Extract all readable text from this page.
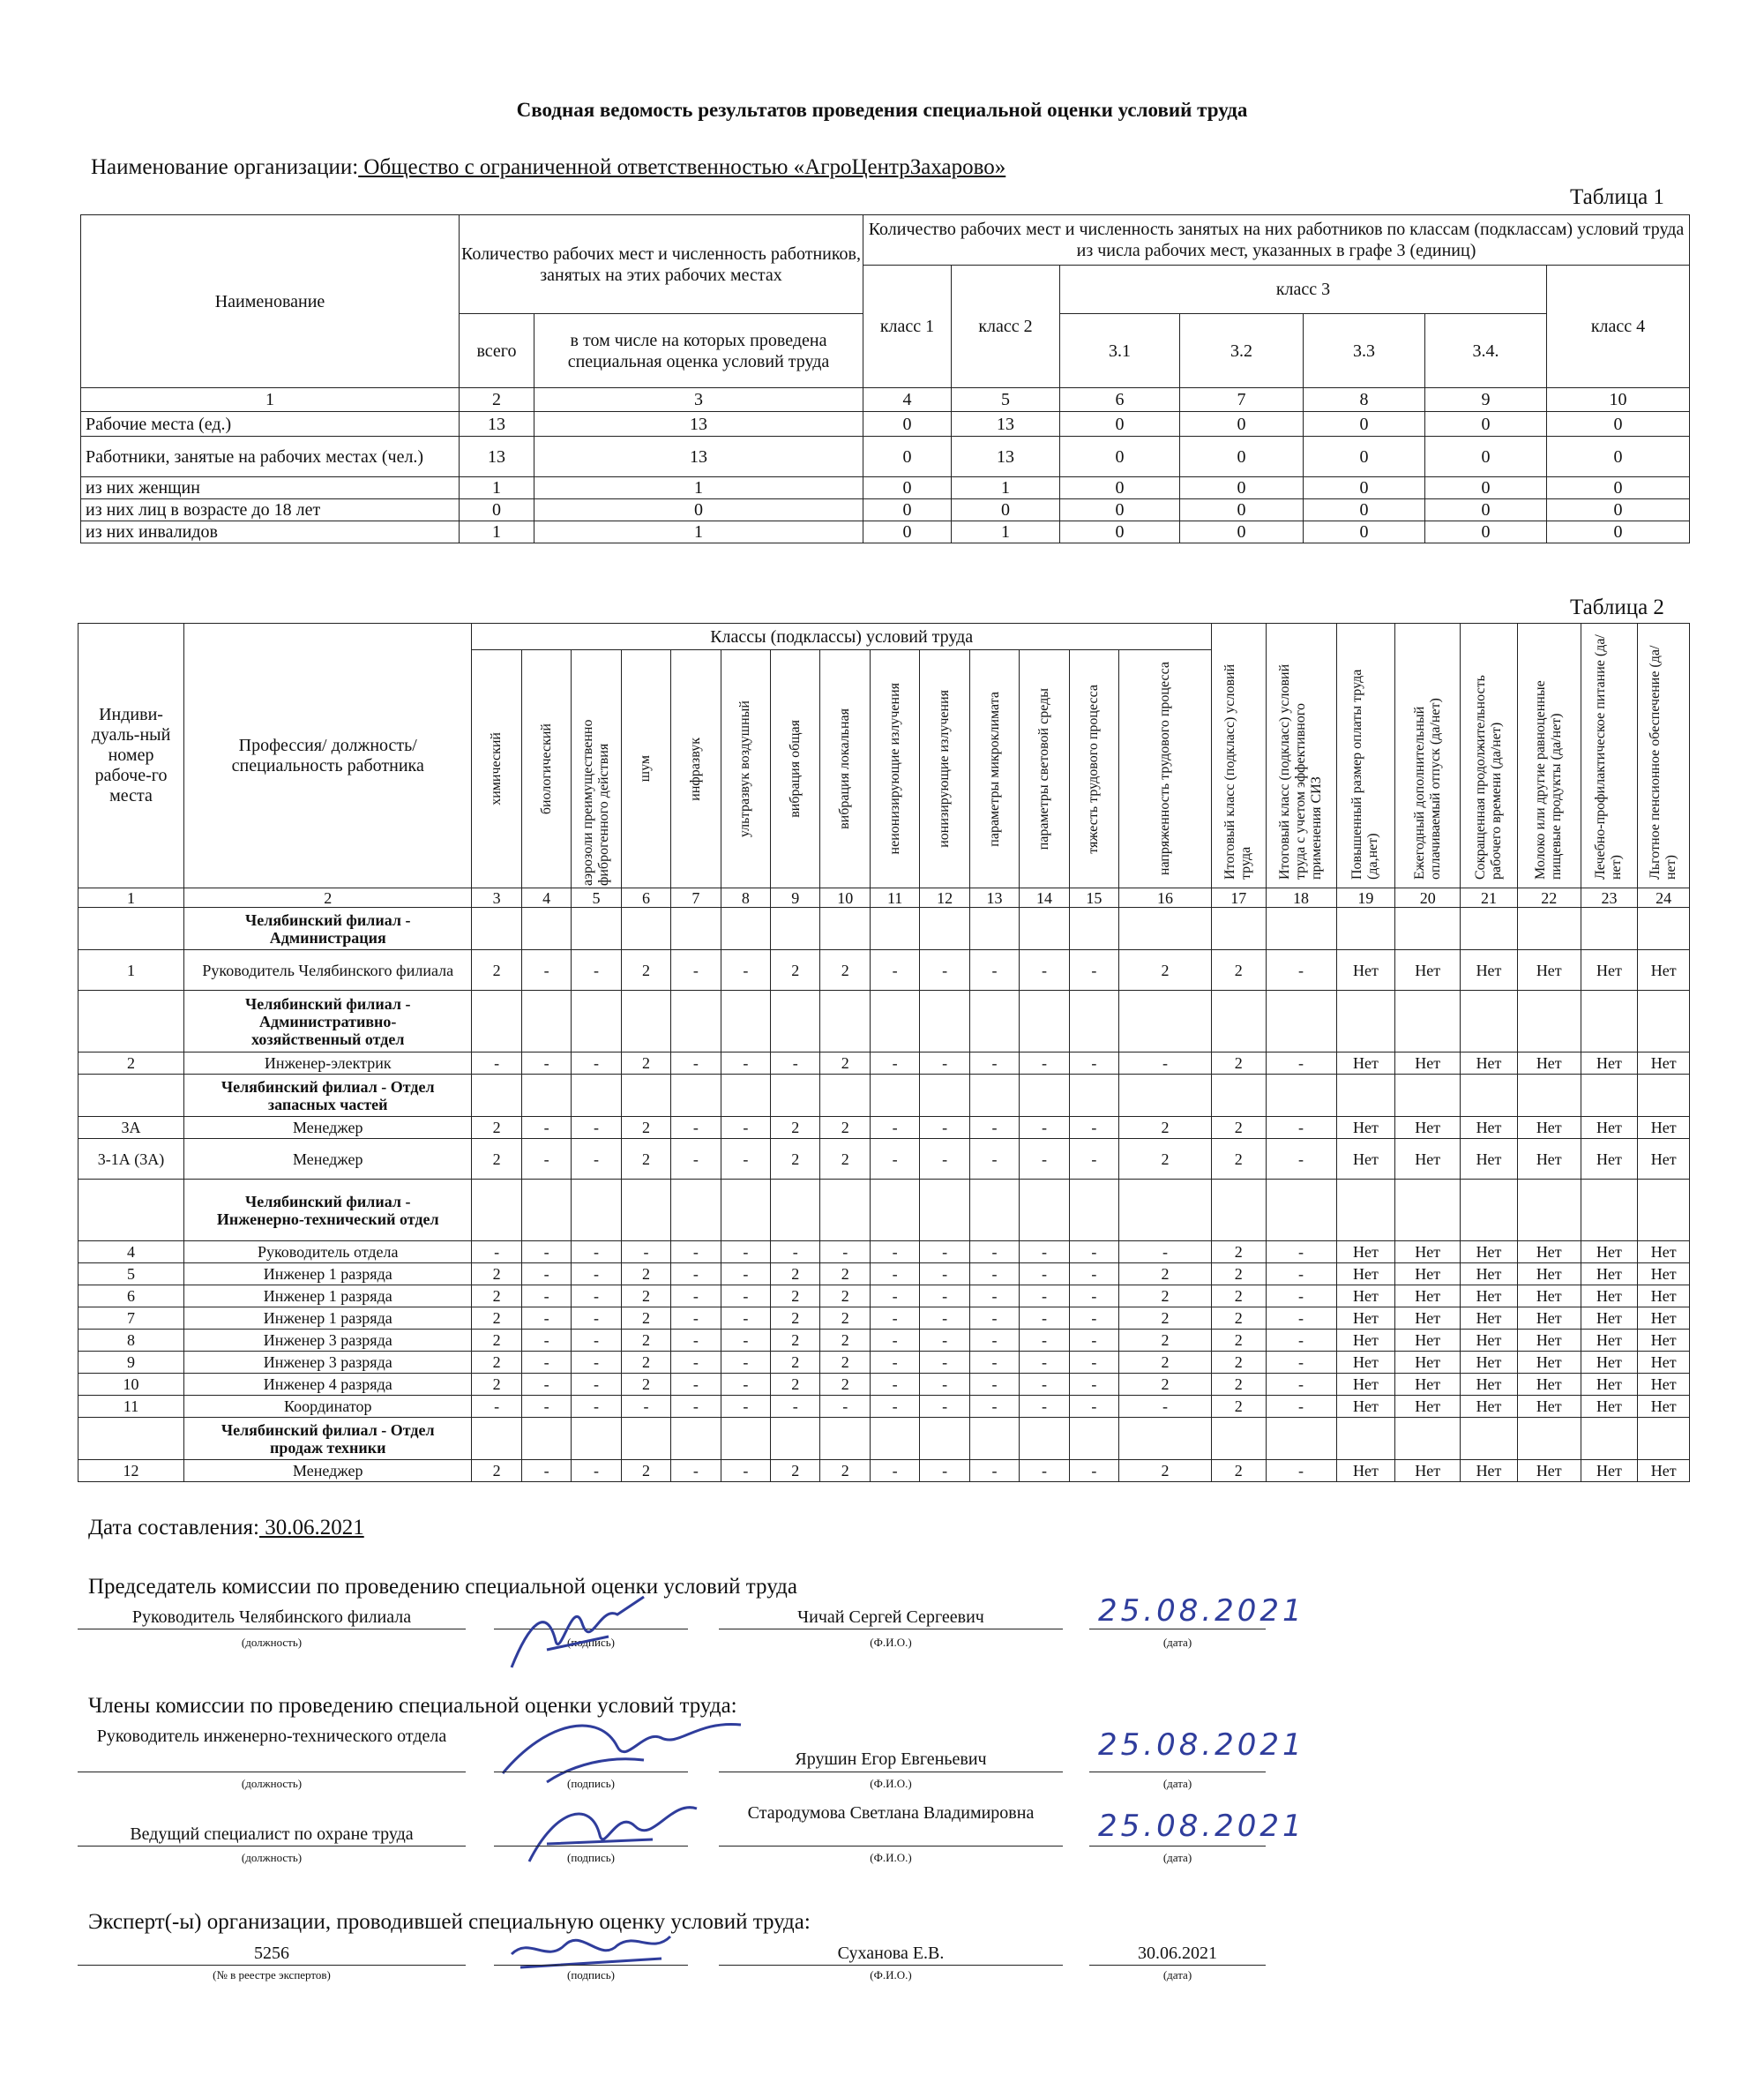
Сводная ведомость результатов проведения специальной оценки условий труда
Наименование организации: Общество с ограниченной ответственностью «АгроЦентрЗахарово»
Таблица 1
Наименование	Количество рабочих мест и численность работников, занятых на этих рабочих местах		Количество рабочих мест и численность занятых на них работников по классам (подклассам) условий труда из числа рабочих мест, указанных в графе 3 (единиц)						
			класс 1	класс 2	класс 3				класс 4
	всего	в том числе на которых проведена специальная оценка условий труда			3.1	3.2	3.3	3.4.	
1	2	3	4	5	6	7	8	9	10
Рабочие места (ед.)	13	13	0	13	0	0	0	0	0
Работники, занятые на рабочих местах (чел.)	13	13	0	13	0	0	0	0	0
из них женщин	1	1	0	1	0	0	0	0	0
из них лиц в возрасте до 18 лет	0	0	0	0	0	0	0	0	0
из них инвалидов	1	1	0	1	0	0	0	0	0
Таблица 2
Индиви-дуаль-ный номер рабоче-го места	Профессия/ должность/ специальность работника	Классы (подклассы) условий труда														Итоговый класс (подкласс) условий труда	Итоговый класс (подкласс) условий труда с учетом эффективного применения СИЗ	Повышенный размер оплаты труда (да,нет)	Ежегодный дополнительный оплачиваемый отпуск (да/нет)	Сокращенная продолжительность рабочего времени (да/нет)	Молоко или другие равноценные пищевые продукты (да/нет)	Лечебно-профилактическое питание (да/нет)	Льготное пенсионное обеспечение (да/нет)

		химический	биологический	аэрозоли преимущественно фиброгенного действия	шум	инфразвук	ультразвук воздушный	вибрация общая	вибрация локальная	неионизирующие излучения	ионизирующие излучения	параметры микроклимата	параметры световой среды	тяжесть трудового процесса	напряженность трудового процесса								

1	2	3	4	5	6	7	8	9	10	11	12	13	14	15	16	17	18	19	20	21	22	23	24
	Челябинский филиал - Администрация																						
1	Руководитель Челябинского филиала	2	-	-	2	-	-	2	2	-	-	-	-	-	2	2	-	Нет	Нет	Нет	Нет	Нет	Нет
	Челябинский филиал - Административно-хозяйственный отдел																						
2	Инженер-электрик	-	-	-	2	-	-	-	2	-	-	-	-	-	-	2	-	Нет	Нет	Нет	Нет	Нет	Нет
	Челябинский филиал - Отдел запасных частей																						
3А	Менеджер	2	-	-	2	-	-	2	2	-	-	-	-	-	2	2	-	Нет	Нет	Нет	Нет	Нет	Нет
3-1А (3А)	Менеджер	2	-	-	2	-	-	2	2	-	-	-	-	-	2	2	-	Нет	Нет	Нет	Нет	Нет	Нет
	Челябинский филиал - Инженерно-технический отдел																						
4	Руководитель отдела	-	-	-	-	-	-	-	-	-	-	-	-	-	-	2	-	Нет	Нет	Нет	Нет	Нет	Нет
5	Инженер 1 разряда	2	-	-	2	-	-	2	2	-	-	-	-	-	2	2	-	Нет	Нет	Нет	Нет	Нет	Нет
6	Инженер 1 разряда	2	-	-	2	-	-	2	2	-	-	-	-	-	2	2	-	Нет	Нет	Нет	Нет	Нет	Нет
7	Инженер 1 разряда	2	-	-	2	-	-	2	2	-	-	-	-	-	2	2	-	Нет	Нет	Нет	Нет	Нет	Нет
8	Инженер 3 разряда	2	-	-	2	-	-	2	2	-	-	-	-	-	2	2	-	Нет	Нет	Нет	Нет	Нет	Нет
9	Инженер 3 разряда	2	-	-	2	-	-	2	2	-	-	-	-	-	2	2	-	Нет	Нет	Нет	Нет	Нет	Нет
10	Инженер 4 разряда	2	-	-	2	-	-	2	2	-	-	-	-	-	2	2	-	Нет	Нет	Нет	Нет	Нет	Нет
11	Координатор	-	-	-	-	-	-	-	-	-	-	-	-	-	-	2	-	Нет	Нет	Нет	Нет	Нет	Нет
	Челябинский филиал - Отдел продаж техники																						
12	Менеджер	2	-	-	2	-	-	2	2	-	-	-	-	-	2	2	-	Нет	Нет	Нет	Нет	Нет	Нет
Дата составления: 30.06.2021
Председатель комиссии по проведению специальной оценки условий труда
Руководитель Челябинского филиала
(должность)	(подпись)
Чичай Сергей Сергеевич
(Ф.И.О.)
25.08.2021
(дата)
Члены комиссии по проведению специальной оценки условий труда:
Руководитель инженерно-технического отдела
(должность)	(подпись)
Ярушин Егор Евгеньевич
(Ф.И.О.)
25.08.2021
(дата)
Ведущий специалист по охране труда
(должность)	(подпись)
Стародумова Светлана Владимировна
(Ф.И.О.)
25.08.2021
(дата)
Эксперт(-ы) организации, проводившей специальную оценку условий труда:
5256
(№ в реестре экспертов)	(подпись)
Суханова Е.В.
(Ф.И.О.)
30.06.2021
(дата)
